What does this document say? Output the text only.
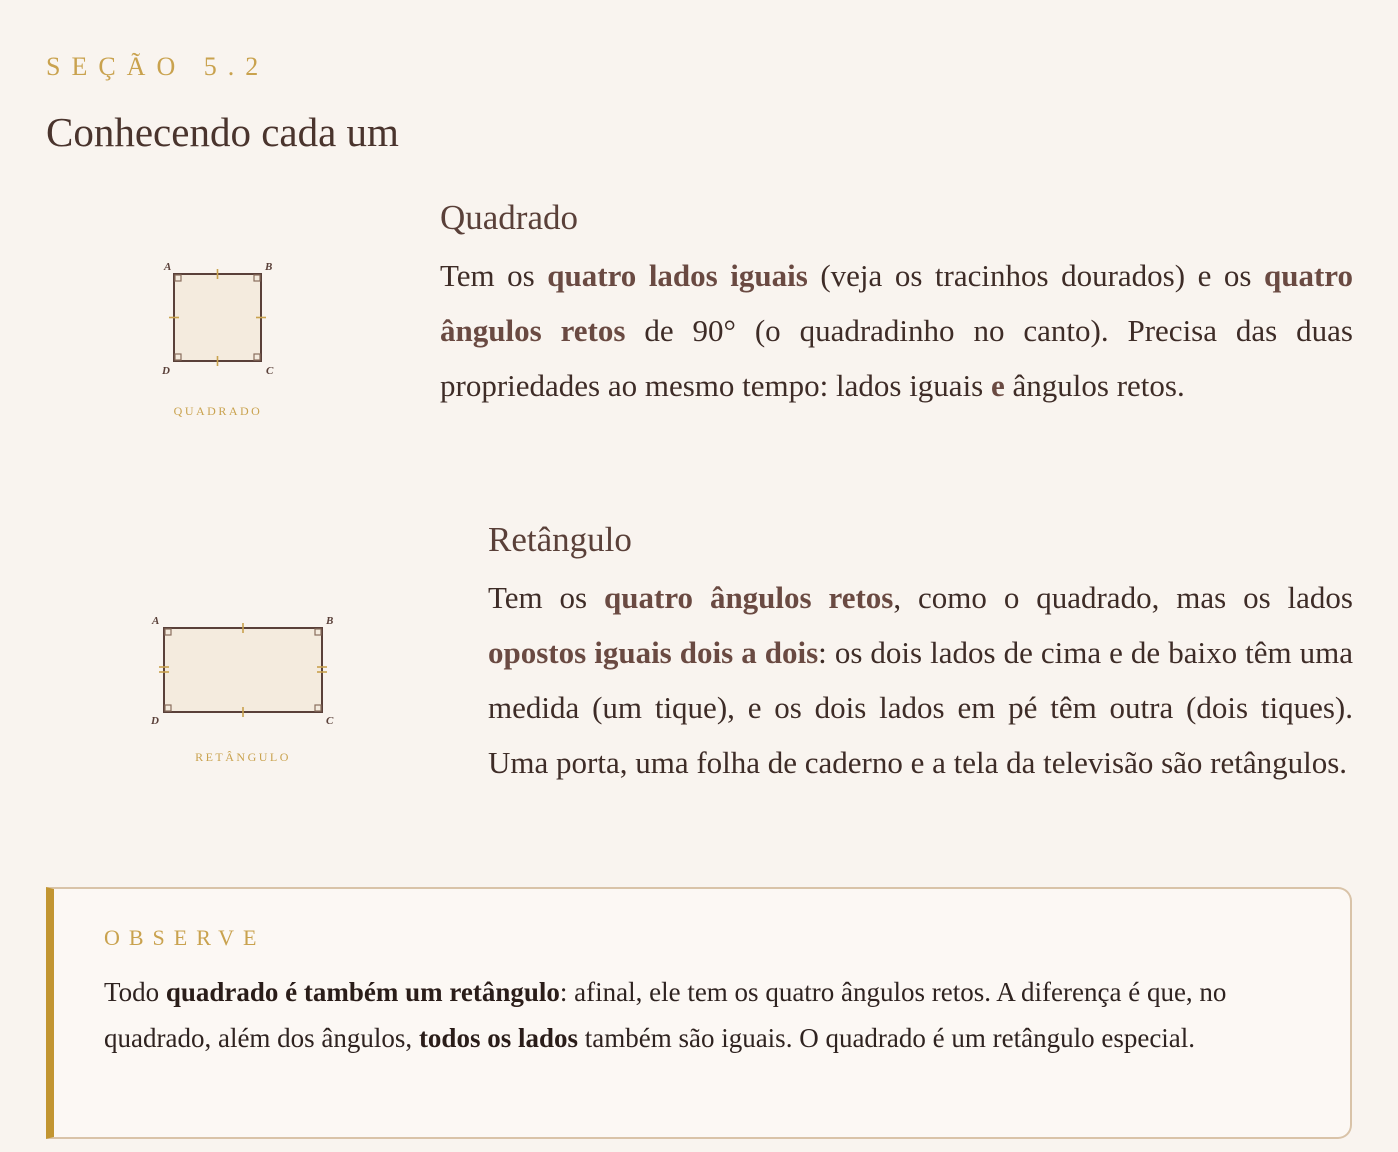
SEÇÃO 5.2
Conhecendo cada um
A	B
C
D
QUADRADO
Quadrado

Tem os quatro lados iguais (veja os tracinhos dourados) e os quatro ângulos retos de 90° (o quadradinho no canto). Precisa das duas propriedades ao mesmo tempo: lados iguais e ângulos retos.

A	B
C
D
RETÂNGULO
Retângulo

Tem os quatro ângulos retos, como o quadrado, mas os lados opostos iguais dois a dois: os dois lados de cima e de baixo têm uma medida (um tique), e os dois lados em pé têm outra (dois tiques). Uma porta, uma folha de caderno e a tela da televisão são retângulos.

OBSERVE
Todo quadrado é também um retângulo: afinal, ele tem os quatro ângulos retos. A diferença é que, no quadrado, além dos ângulos, todos os lados também são iguais. O quadrado é um retângulo especial.
